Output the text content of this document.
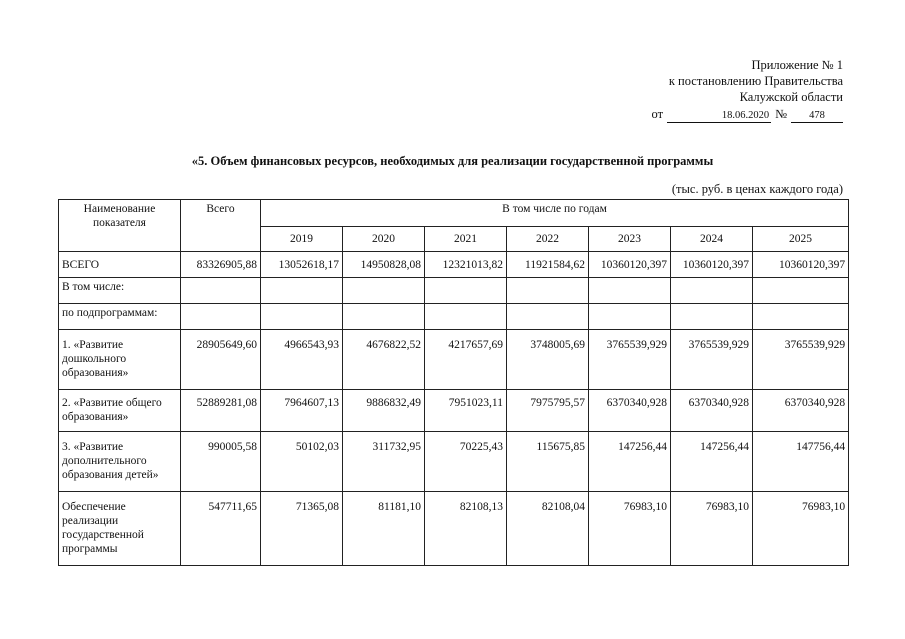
Приложение № 1
к постановлению Правительства
Калужской области
от	18.06.2020 №	478
«5. Объем финансовых ресурсов, необходимых для реализации государственной программы
(тыс. руб. в ценах каждого года)
Наименование показателя	Всего	В том числе по годам						
		2019	2020	2021	2022	2023	2024	2025
ВСЕГО	83326905,88	13052618,17	14950828,08	12321013,82	11921584,62	10360120,397	10360120,397	10360120,397
В том числе:								
по подпрограммам:								
1. «Развитие дошкольного образования»	28905649,60	4966543,93	4676822,52	4217657,69	3748005,69	3765539,929	3765539,929	3765539,929
2. «Развитие общего образования»	52889281,08	7964607,13	9886832,49	7951023,11	7975795,57	6370340,928	6370340,928	6370340,928
3. «Развитие дополнительного образования детей»	990005,58	50102,03	311732,95	70225,43	115675,85	147256,44	147256,44	147756,44
Обеспечение реализации государственной программы	547711,65	71365,08	81181,10	82108,13	82108,04	76983,10	76983,10	76983,10
